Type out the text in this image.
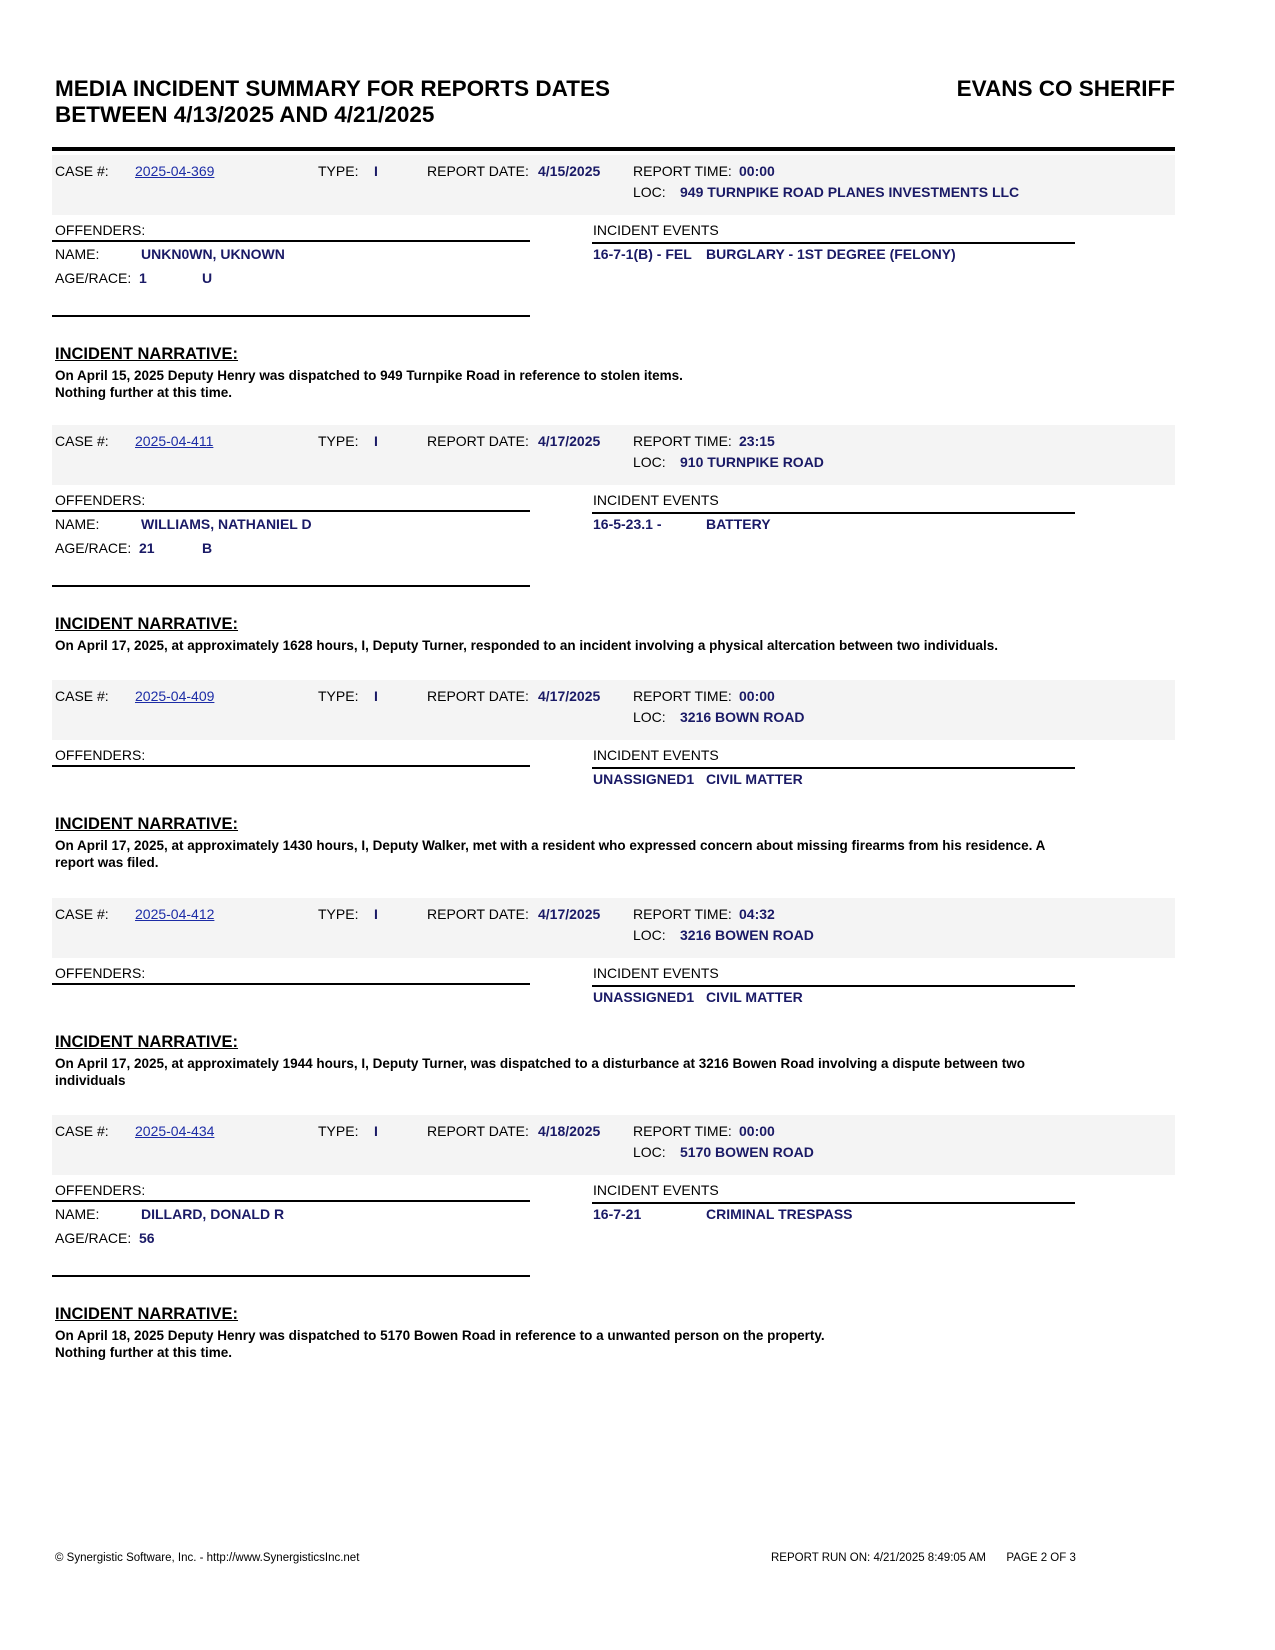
MEDIA INCIDENT SUMMARY FOR REPORTS DATES
BETWEEN 4/13/2025 AND 4/21/2025
EVANS CO SHERIFF
CASE #: 2025-04-369	TYPE: I	REPORT DATE: 4/15/2025 REPORT TIME: 00:00
LOC: 949 TURNPIKE ROAD PLANES INVESTMENTS LLC
OFFENDERS:	INCIDENT EVENTS
NAME:	UNKN0WN, UKNOWN
AGE/RACE: 1	U
16-7-1(B) - FEL BURGLARY - 1ST DEGREE (FELONY)
INCIDENT NARRATIVE:
On April 15, 2025 Deputy Henry was dispatched to 949 Turnpike Road in reference to stolen items.
Nothing further at this time.
CASE #: 2025-04-411	TYPE: I	REPORT DATE: 4/17/2025 REPORT TIME: 23:15
LOC: 910 TURNPIKE ROAD
OFFENDERS:	INCIDENT EVENTS
NAME:	WILLIAMS, NATHANIEL D
AGE/RACE: 21	B
16-5-23.1 -	BATTERY
INCIDENT NARRATIVE:
On April 17, 2025, at approximately 1628 hours, I, Deputy Turner, responded to an incident involving a physical altercation between two individuals.
CASE #: 2025-04-409	TYPE: I	REPORT DATE: 4/17/2025 REPORT TIME: 00:00
LOC: 3216 BOWN ROAD
OFFENDERS:	INCIDENT EVENTS
UNASSIGNED1 CIVIL MATTER
INCIDENT NARRATIVE:
On April 17, 2025, at approximately 1430 hours, I, Deputy Walker, met with a resident who expressed concern about missing firearms from his residence. A
report was filed.
CASE #: 2025-04-412	TYPE: I	REPORT DATE: 4/17/2025 REPORT TIME: 04:32
LOC: 3216 BOWEN ROAD
OFFENDERS:	INCIDENT EVENTS
UNASSIGNED1 CIVIL MATTER
INCIDENT NARRATIVE:
On April 17, 2025, at approximately 1944 hours, I, Deputy Turner, was dispatched to a disturbance at 3216 Bowen Road involving a dispute between two
individuals
CASE #: 2025-04-434	TYPE: I	REPORT DATE: 4/18/2025 REPORT TIME: 00:00
LOC: 5170 BOWEN ROAD
OFFENDERS:	INCIDENT EVENTS
NAME:	DILLARD, DONALD R
AGE/RACE: 56
16-7-21	CRIMINAL TRESPASS
INCIDENT NARRATIVE:
On April 18, 2025 Deputy Henry was dispatched to 5170 Bowen Road in reference to a unwanted person on the property.
Nothing further at this time.
© Synergistic Software, Inc. - http://www.SynergisticsInc.net	REPORT RUN ON: 4/21/2025 8:49:05 AM PAGE 2 OF 3
